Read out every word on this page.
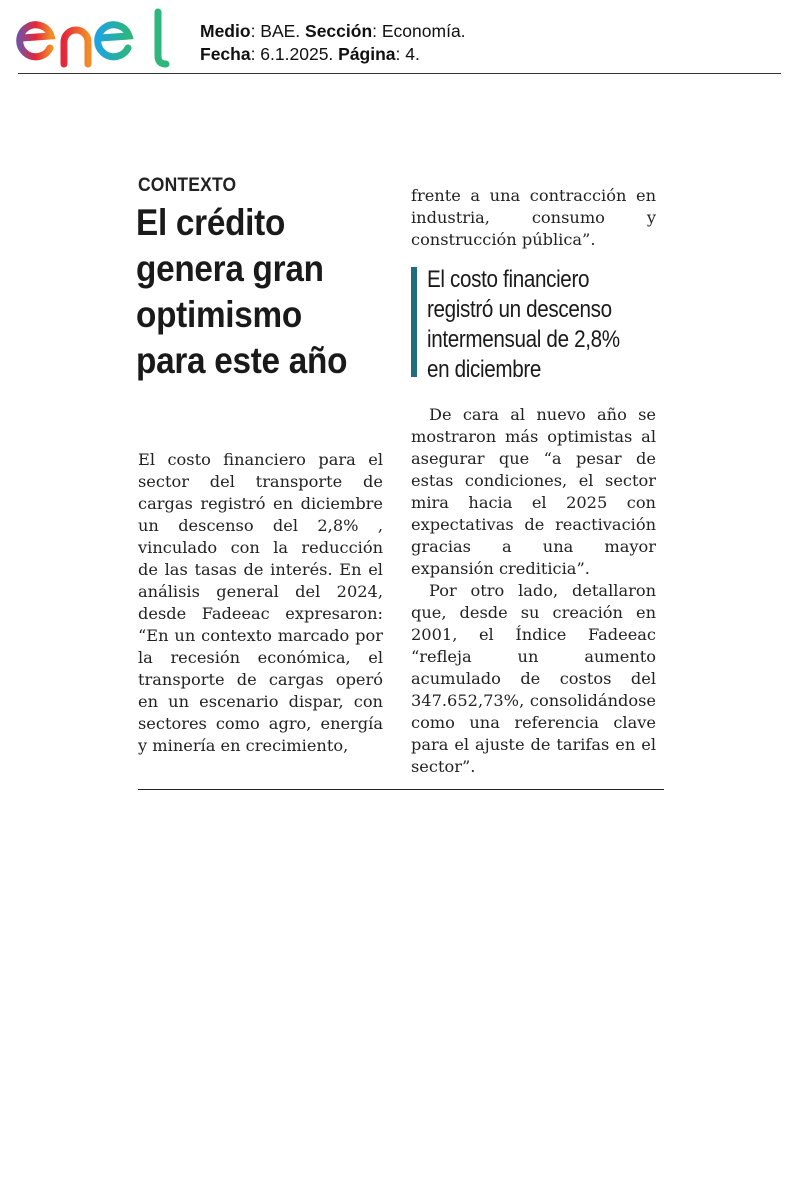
Medio: BAE. Sección: Economía.
Fecha: 6.1.2025. Página: 4.
CONTEXTO
El crédito
genera gran
optimismo
para este año

El costo financiero para el sector del transporte de cargas registró en diciembre un descenso del 2,8% , vinculado con la reducción de las tasas de interés. En el análisis general del 2024, desde Fadeeac expresaron: “En un contexto marcado por la recesión económica, el transporte de cargas operó en un escenario dispar, con sectores como agro, energía y minería en crecimiento,

frente a una contracción en industria, consumo y construcción pública”.

El costo financiero
registró un descenso
intermensual de 2,8%
en diciembre

De cara al nuevo año se mostraron más optimistas al asegurar que “a pesar de estas condiciones, el sector mira hacia el 2025 con expectativas de reactivación gracias a una mayor expansión crediticia”.

Por otro lado, detallaron que, desde su creación en 2001, el Índice Fadeeac “refleja un aumento acumulado de costos del 347.652,73%, consolidándose como una referencia clave para el ajuste de tarifas en el sector”.
